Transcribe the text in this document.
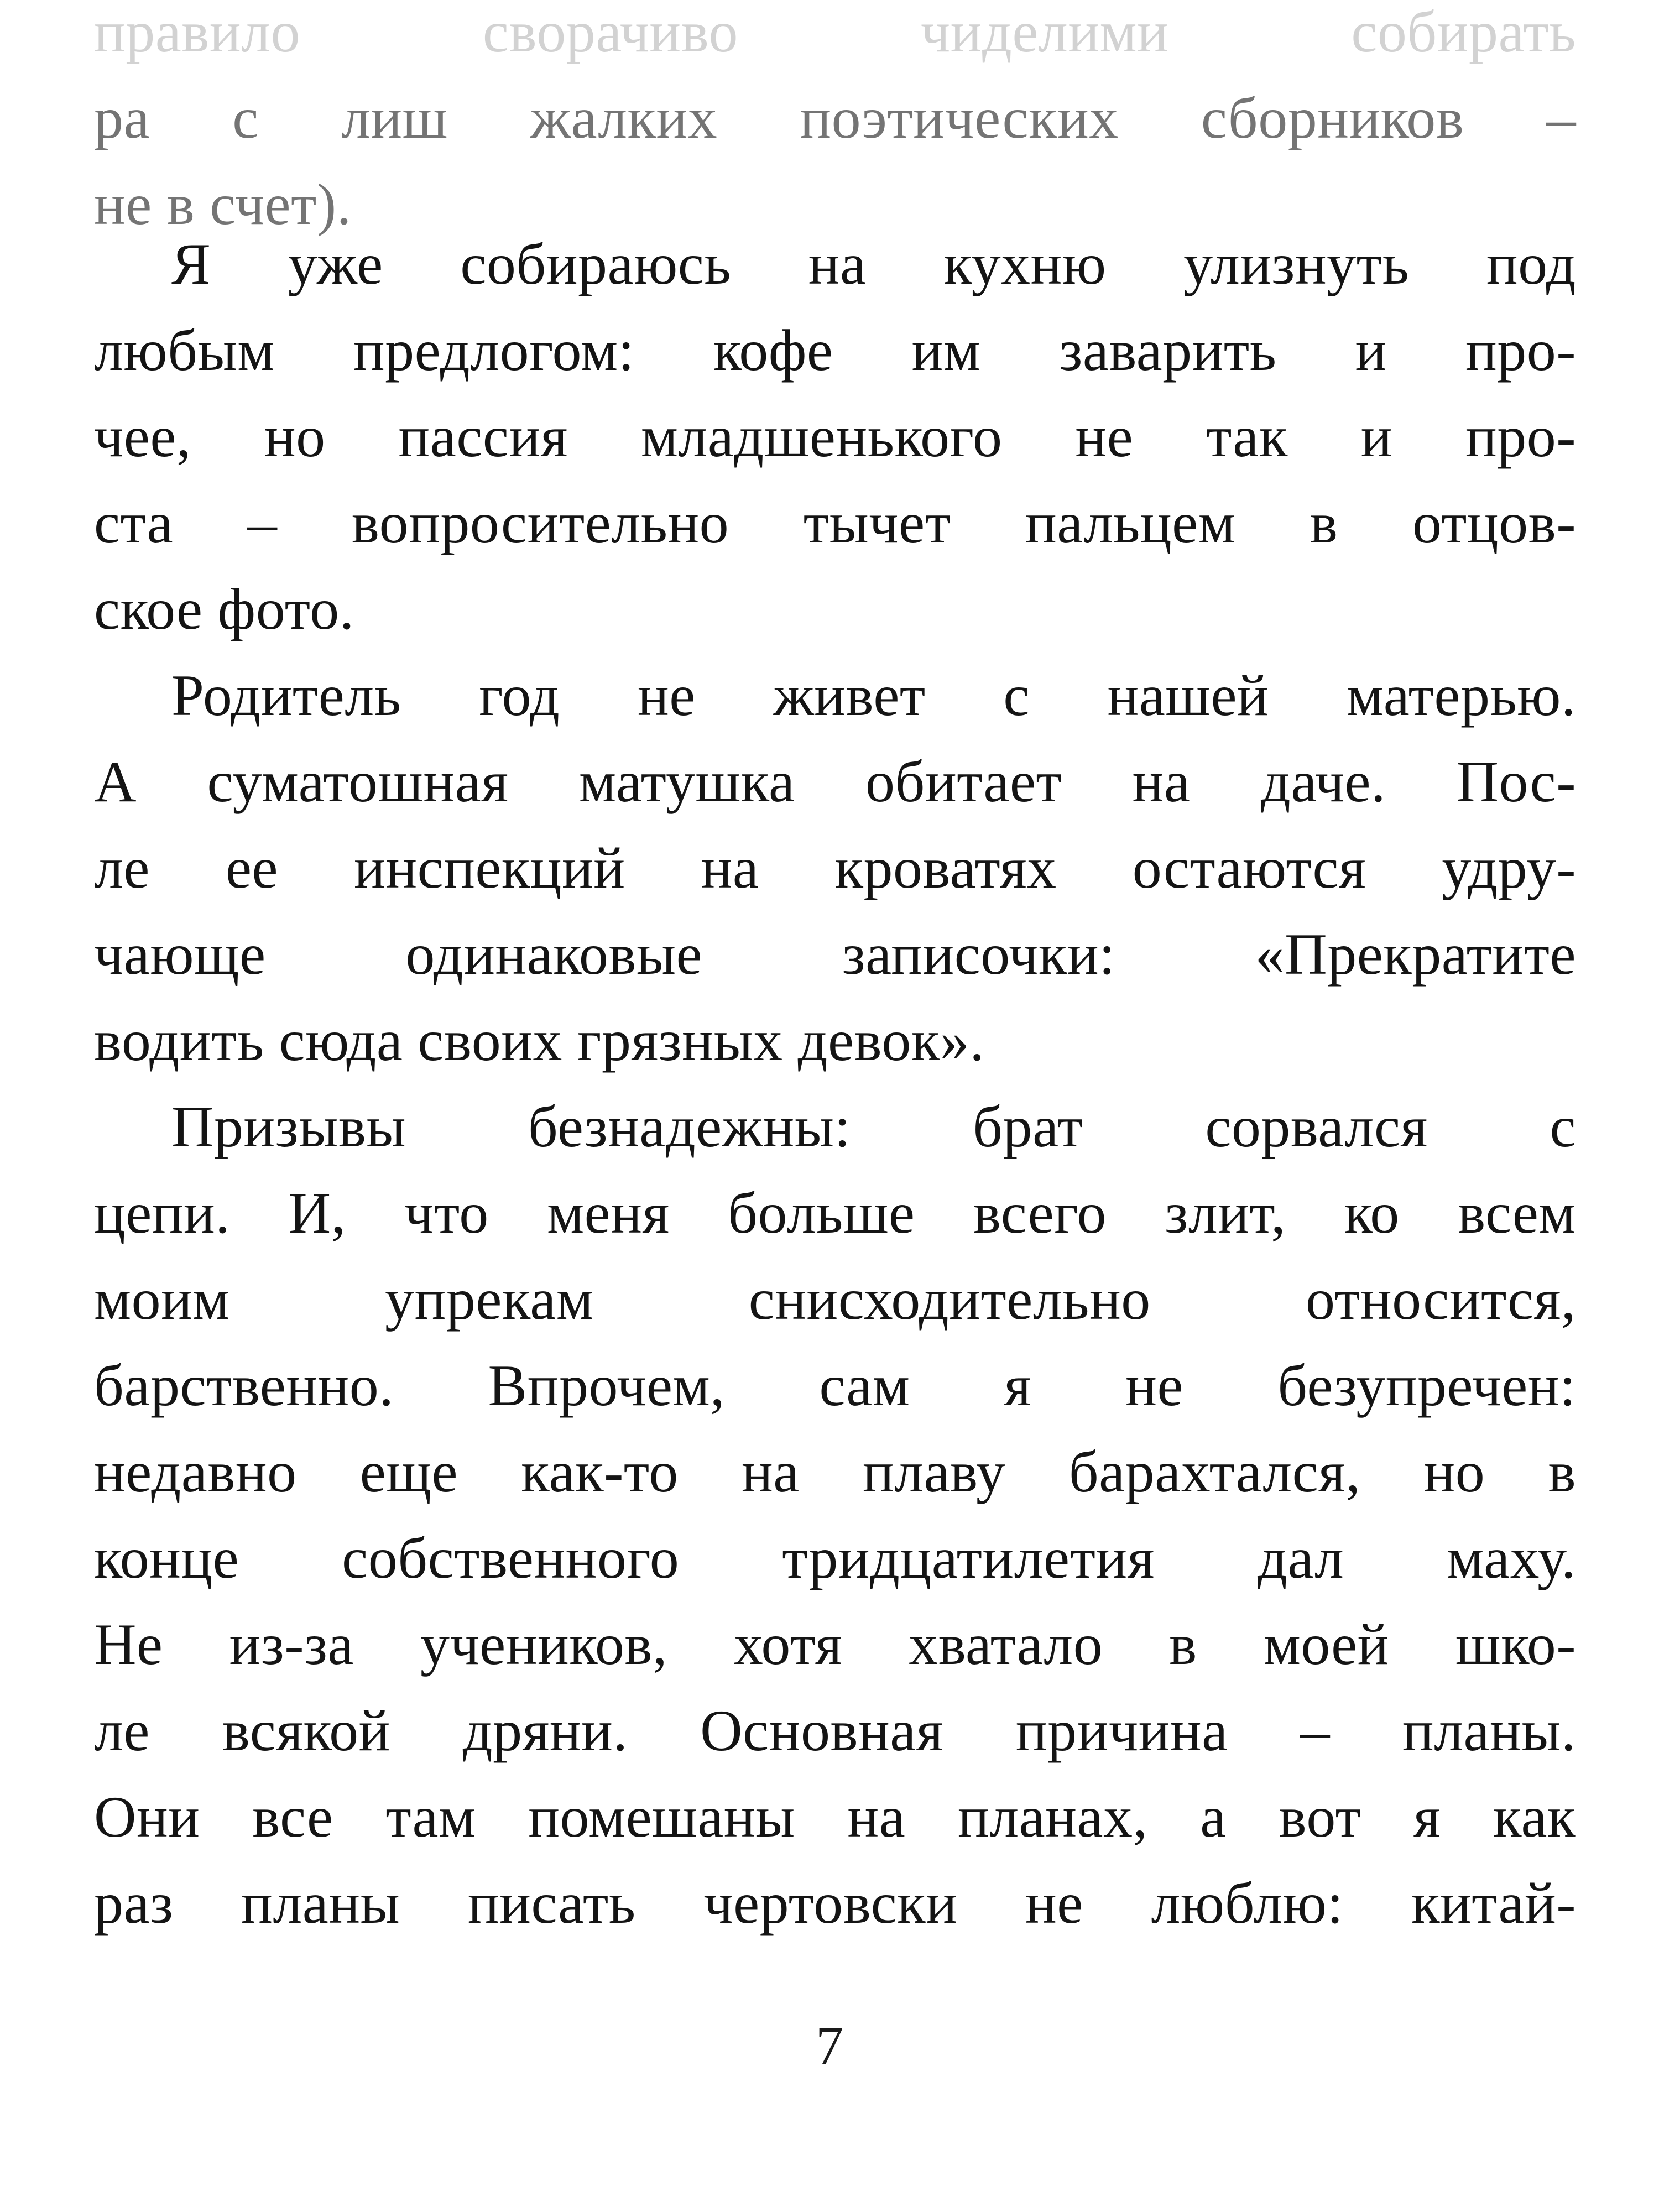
правило сворачиво чиделими собирать
ра с лиш жалких поэтических сборников –
не в счет).
Я уже собираюсь на кухню улизнуть под
любым предлогом: кофе им заварить и про-
чее, но пассия младшенького не так и про-
ста – вопросительно тычет пальцем в отцов-
ское фото.
Родитель год не живет с нашей матерью.
А суматошная матушка обитает на даче. Пос-
ле ее инспекций на кроватях остаются удру-
чающе одинаковые записочки: «Прекратите
водить сюда своих грязных девок».
Призывы безнадежны: брат сорвался с
цепи. И, что меня больше всего злит, ко всем
моим упрекам снисходительно относится,
барственно. Впрочем, сам я не безупречен:
недавно еще как-то на плаву барахтался, но в
конце собственного тридцатилетия дал маху.
Не из-за учеников, хотя хватало в моей шко-
ле всякой дряни. Основная причина – планы.
Они все там помешаны на планах, а вот я как
раз планы писать чертовски не люблю: китай-
7
